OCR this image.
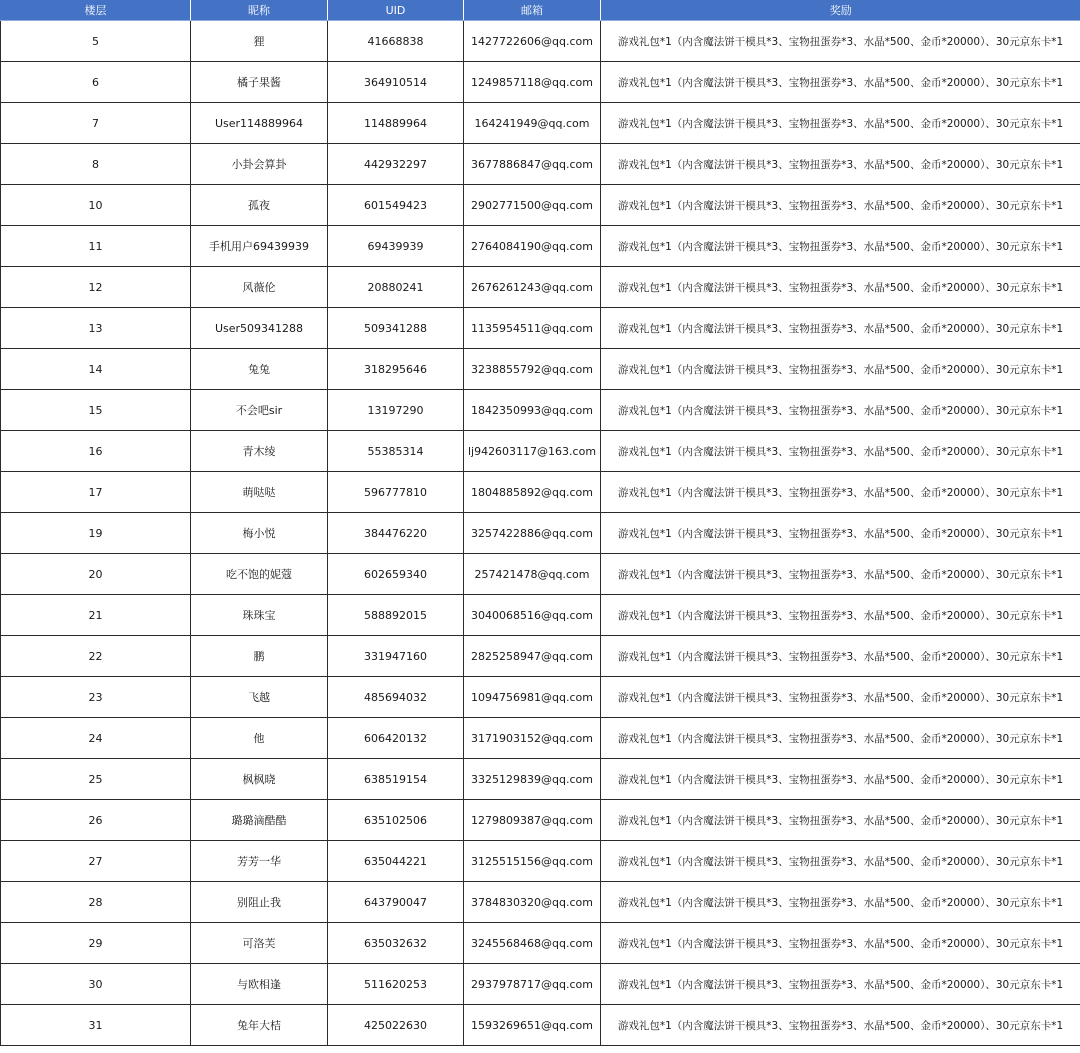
楼层	昵称	UID	邮箱	奖励
5	狸	41668838	1427722606@qq.com	游戏礼包*1（内含魔法饼干模具*3、宝物扭蛋券*3、水晶*500、金币*20000）、30元京东卡*1
6	橘子果酱	364910514	1249857118@qq.com	游戏礼包*1（内含魔法饼干模具*3、宝物扭蛋券*3、水晶*500、金币*20000）、30元京东卡*1
7	User114889964	114889964	164241949@qq.com	游戏礼包*1（内含魔法饼干模具*3、宝物扭蛋券*3、水晶*500、金币*20000）、30元京东卡*1
8	小卦会算卦	442932297	3677886847@qq.com	游戏礼包*1（内含魔法饼干模具*3、宝物扭蛋券*3、水晶*500、金币*20000）、30元京东卡*1
10	孤夜	601549423	2902771500@qq.com	游戏礼包*1（内含魔法饼干模具*3、宝物扭蛋券*3、水晶*500、金币*20000）、30元京东卡*1
11	手机用户69439939	69439939	2764084190@qq.com	游戏礼包*1（内含魔法饼干模具*3、宝物扭蛋券*3、水晶*500、金币*20000）、30元京东卡*1
12	风薇伦	20880241	2676261243@qq.com	游戏礼包*1（内含魔法饼干模具*3、宝物扭蛋券*3、水晶*500、金币*20000）、30元京东卡*1
13	User509341288	509341288	1135954511@qq.com	游戏礼包*1（内含魔法饼干模具*3、宝物扭蛋券*3、水晶*500、金币*20000）、30元京东卡*1
14	兔兔	318295646	3238855792@qq.com	游戏礼包*1（内含魔法饼干模具*3、宝物扭蛋券*3、水晶*500、金币*20000）、30元京东卡*1
15	不会吧sir	13197290	1842350993@qq.com	游戏礼包*1（内含魔法饼干模具*3、宝物扭蛋券*3、水晶*500、金币*20000）、30元京东卡*1
16	青木绫	55385314	lj942603117@163.com	游戏礼包*1（内含魔法饼干模具*3、宝物扭蛋券*3、水晶*500、金币*20000）、30元京东卡*1
17	萌哒哒	596777810	1804885892@qq.com	游戏礼包*1（内含魔法饼干模具*3、宝物扭蛋券*3、水晶*500、金币*20000）、30元京东卡*1
19	梅小悦	384476220	3257422886@qq.com	游戏礼包*1（内含魔法饼干模具*3、宝物扭蛋券*3、水晶*500、金币*20000）、30元京东卡*1
20	吃不饱的妮蔻	602659340	257421478@qq.com	游戏礼包*1（内含魔法饼干模具*3、宝物扭蛋券*3、水晶*500、金币*20000）、30元京东卡*1
21	珠珠宝	588892015	3040068516@qq.com	游戏礼包*1（内含魔法饼干模具*3、宝物扭蛋券*3、水晶*500、金币*20000）、30元京东卡*1
22	鹏	331947160	2825258947@qq.com	游戏礼包*1（内含魔法饼干模具*3、宝物扭蛋券*3、水晶*500、金币*20000）、30元京东卡*1
23	飞越	485694032	1094756981@qq.com	游戏礼包*1（内含魔法饼干模具*3、宝物扭蛋券*3、水晶*500、金币*20000）、30元京东卡*1
24	他	606420132	3171903152@qq.com	游戏礼包*1（内含魔法饼干模具*3、宝物扭蛋券*3、水晶*500、金币*20000）、30元京东卡*1
25	枫枫晓	638519154	3325129839@qq.com	游戏礼包*1（内含魔法饼干模具*3、宝物扭蛋券*3、水晶*500、金币*20000）、30元京东卡*1
26	璐璐滴酷酷	635102506	1279809387@qq.com	游戏礼包*1（内含魔法饼干模具*3、宝物扭蛋券*3、水晶*500、金币*20000）、30元京东卡*1
27	芳芳一华	635044221	3125515156@qq.com	游戏礼包*1（内含魔法饼干模具*3、宝物扭蛋券*3、水晶*500、金币*20000）、30元京东卡*1
28	别阻止我	643790047	3784830320@qq.com	游戏礼包*1（内含魔法饼干模具*3、宝物扭蛋券*3、水晶*500、金币*20000）、30元京东卡*1
29	可洛芙	635032632	3245568468@qq.com	游戏礼包*1（内含魔法饼干模具*3、宝物扭蛋券*3、水晶*500、金币*20000）、30元京东卡*1
30	与欧相逢	511620253	2937978717@qq.com	游戏礼包*1（内含魔法饼干模具*3、宝物扭蛋券*3、水晶*500、金币*20000）、30元京东卡*1
31	兔年大桔	425022630	1593269651@qq.com	游戏礼包*1（内含魔法饼干模具*3、宝物扭蛋券*3、水晶*500、金币*20000）、30元京东卡*1
